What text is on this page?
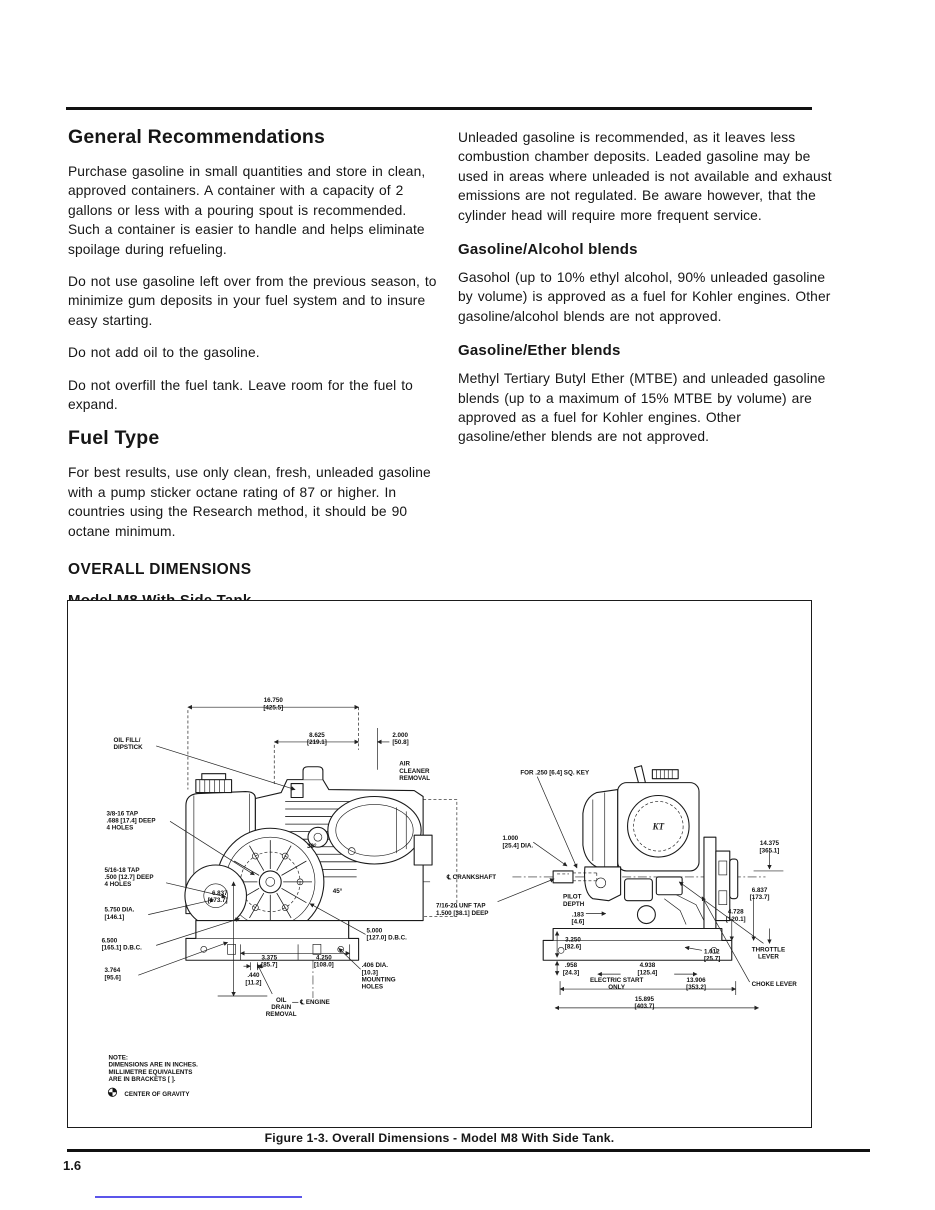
General Recommendations

Purchase gasoline in small quantities and store in clean, approved containers. A container with a capacity of 2 gallons or less with a pouring spout is recommended. Such a container is easier to handle and helps eliminate spoilage during refueling.

Do not use gasoline left over from the previous season, to minimize gum deposits in your fuel system and to insure easy starting.

Do not add oil to the gasoline.

Do not overfill the fuel tank. Leave room for the fuel to expand.

Fuel Type

For best results, use only clean, fresh, unleaded gasoline with a pump sticker octane rating of 87 or higher. In countries using the Research method, it should be 90 octane minimum.

OVERALL DIMENSIONS

Unleaded gasoline is recommended, as it leaves less combustion chamber deposits. Leaded gasoline may be used in areas where unleaded is not available and exhaust emissions are not regulated. Be aware however, that the cylinder head will require more frequent service.

Gasoline/Alcohol blends

Gasohol (up to 10% ethyl alcohol, 90% unleaded gasoline by volume) is approved as a fuel for Kohler engines. Other gasoline/alcohol blends are not approved.

Gasoline/Ether blends

Methyl Tertiary Butyl Ether (MTBE) and unleaded gasoline blends (up to a maximum of 15% MTBE by volume) are approved as a fuel for Kohler engines. Other gasoline/ether blends are not approved.

KT
16.750 [425.5]
8.625 [219.1]
2.000 [50.8]
AIR CLEANER REMOVAL
OIL FILL/ DIPSTICK
3/8-16 TAP .688 [17.4] DEEP 4 HOLES
5/16-18 TAP .500 [12.7] DEEP 4 HOLES
6.837 [173.7]
5.750 DIA. [146.1]
6.500 [165.1] D.B.C.
3.764 [95.6]	.440 [11.2]
OIL DRAIN REMOVAL
3.375 [85.7]
4.250 [108.0]
5.000 [127.0] D.B.C.
.406 DIA. [10.3] MOUNTING HOLES
— ℄ ENGINE
30°
45°
FOR .250 [6.4] SQ. KEY
1.000 [25.4] DIA.
℄ CRANKSHAFT
7/16-20 UNF TAP 1.500 [38.1] DEEP
PILOT DEPTH
.183 [4.6]
3.250 [82.6]
.958 [24.3]
4.938 [125.4]
1.012 [25.7]
ELECTRIC START ONLY
13.906 [353.2]
15.895 [403.7]
14.375 [365.1]
6.837 [173.7]
4.728 [120.1]
THROTTLE LEVER
CHOKE LEVER
NOTE: DIMENSIONS ARE IN INCHES. MILLIMETRE EQUIVALENTS ARE IN BRACKETS [ ].
CENTER OF GRAVITY
Figure 1-3. Overall Dimensions - Model M8 With Side Tank.
1.6
